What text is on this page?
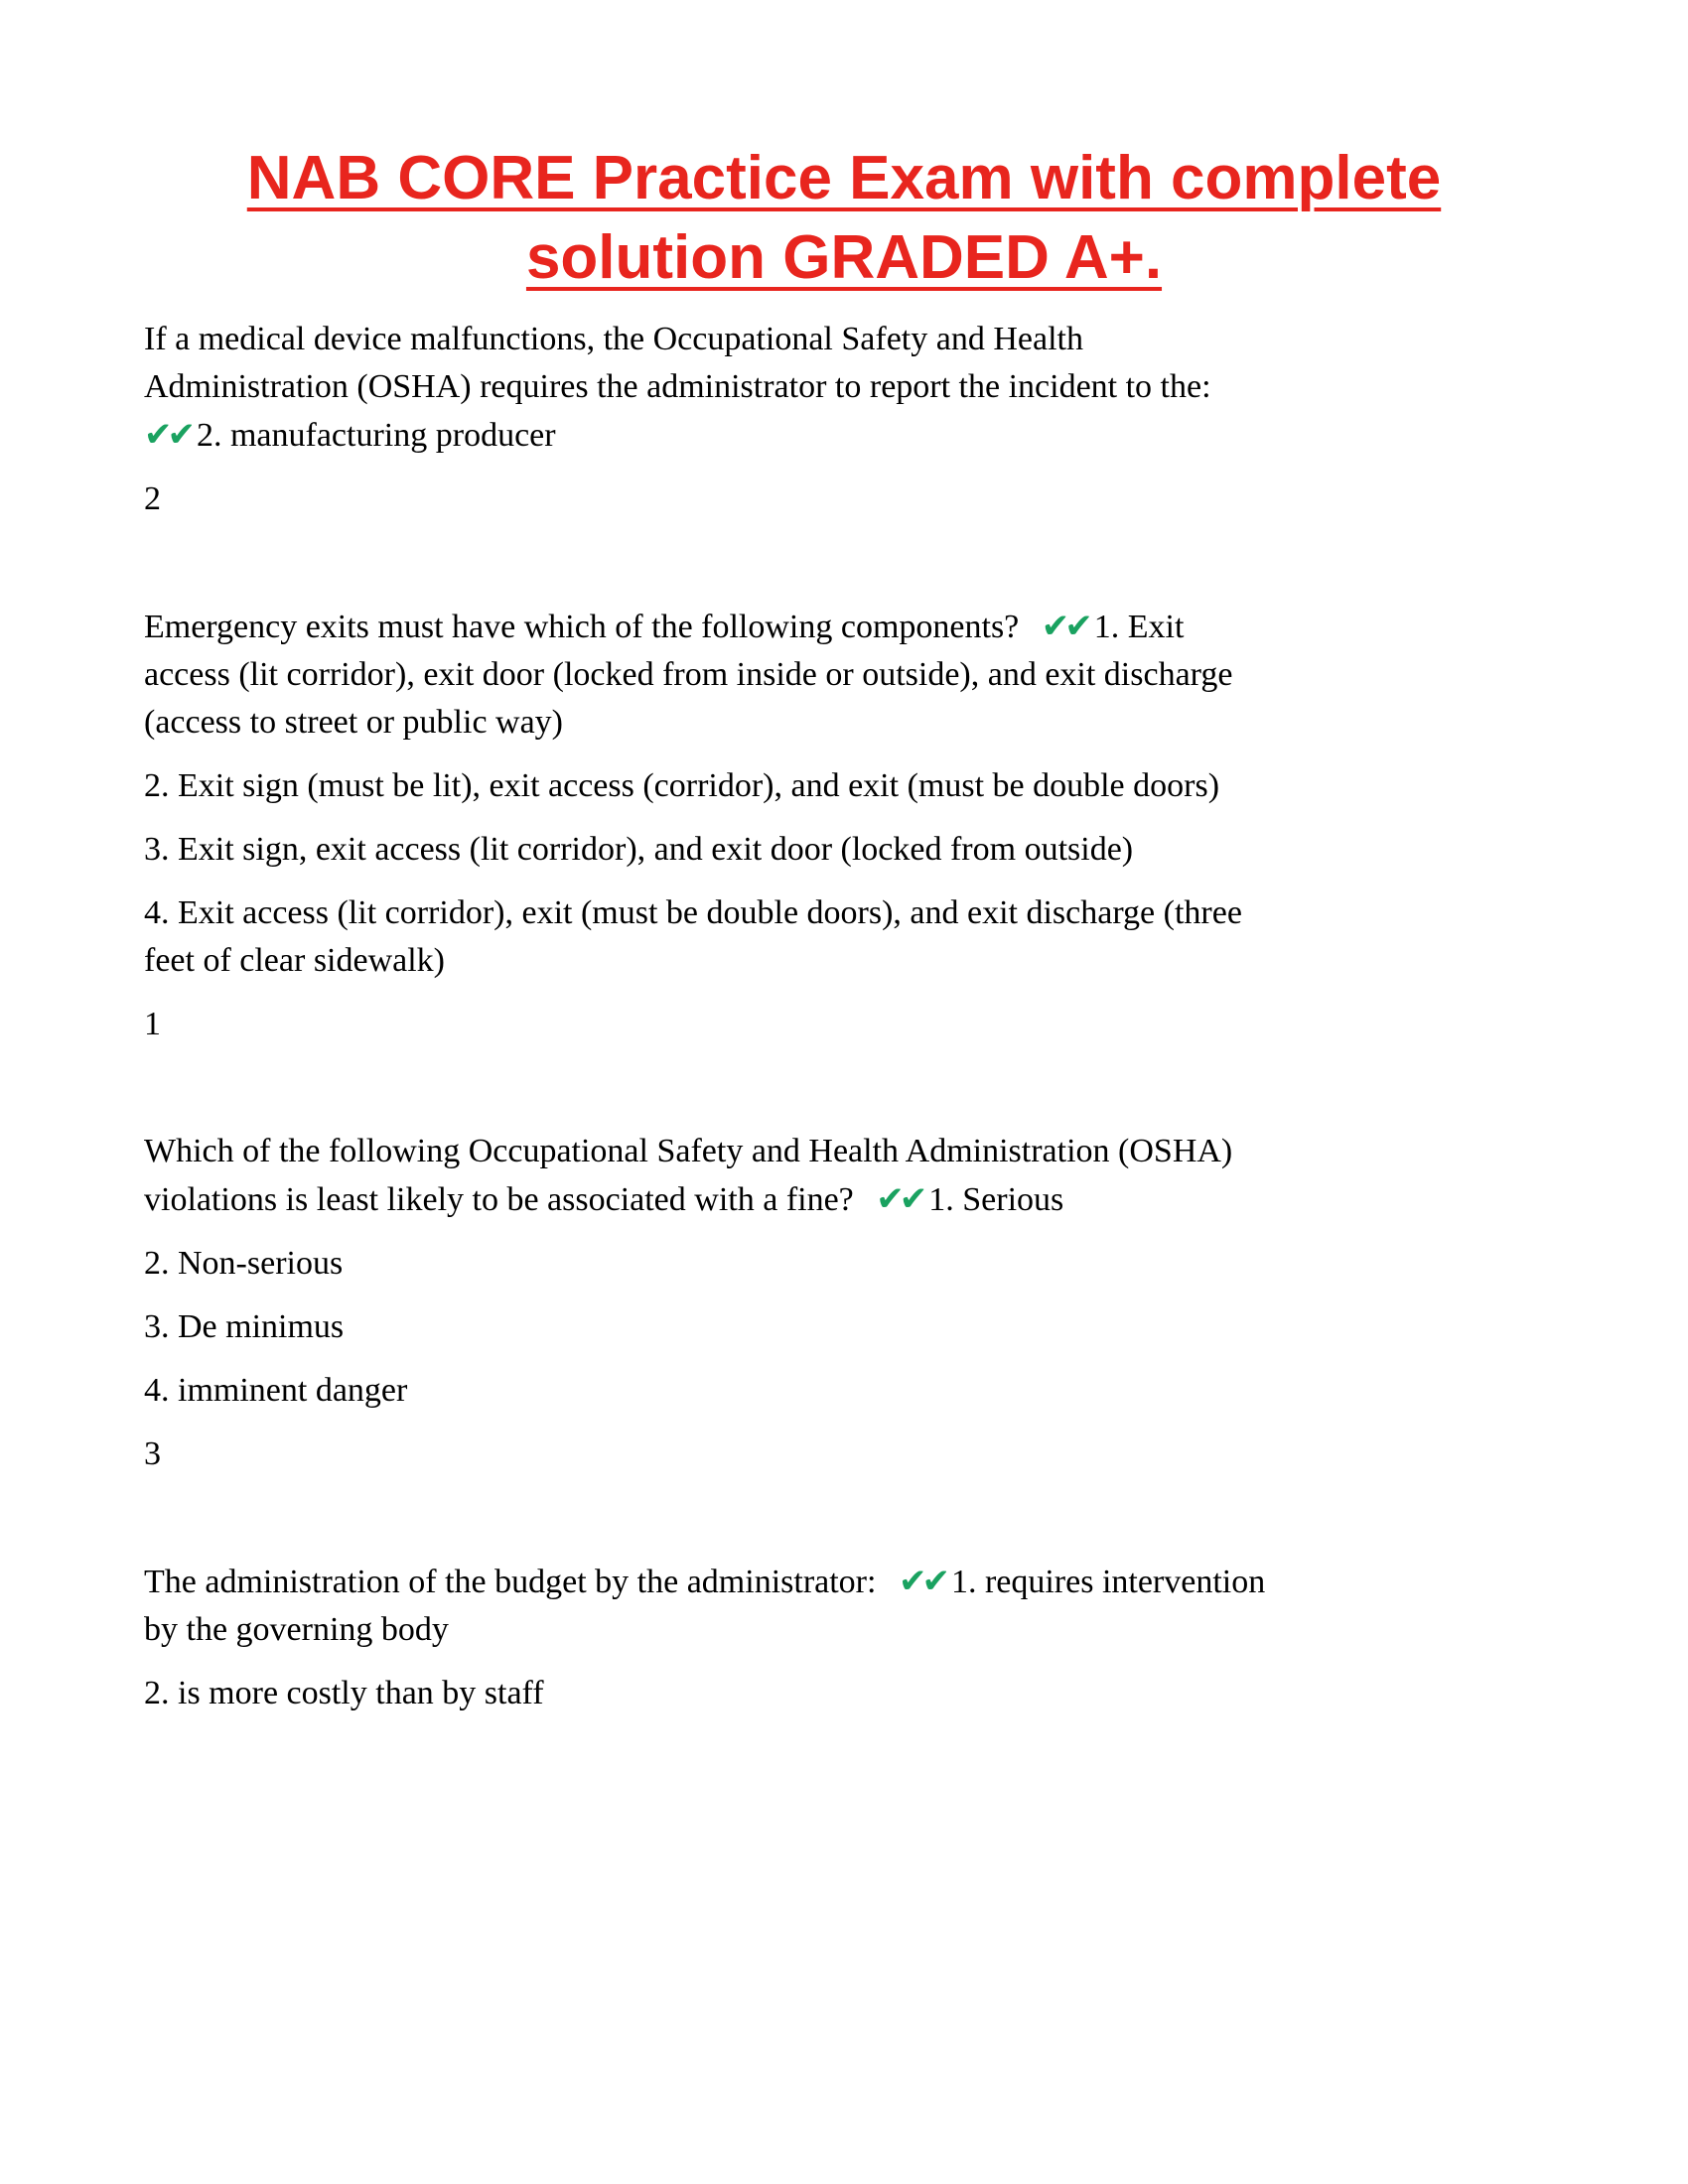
NAB CORE Practice Exam with complete
solution GRADED A+.

If a medical device malfunctions, the Occupational Safety and Health
Administration (OSHA) requires the administrator to report the incident to the:
✔✔ 2. manufacturing producer

2

Emergency exits must have which of the following components? ✔✔ 1. Exit
access (lit corridor), exit door (locked from inside or outside), and exit discharge
(access to street or public way)

2. Exit sign (must be lit), exit access (corridor), and exit (must be double doors)

3. Exit sign, exit access (lit corridor), and exit door (locked from outside)

4. Exit access (lit corridor), exit (must be double doors), and exit discharge (three
feet of clear sidewalk)

1

Which of the following Occupational Safety and Health Administration (OSHA)
violations is least likely to be associated with a fine? ✔✔ 1. Serious

2. Non-serious

3. De minimus

4. imminent danger

3

The administration of the budget by the administrator: ✔✔ 1. requires intervention
by the governing body

2. is more costly than by staff
